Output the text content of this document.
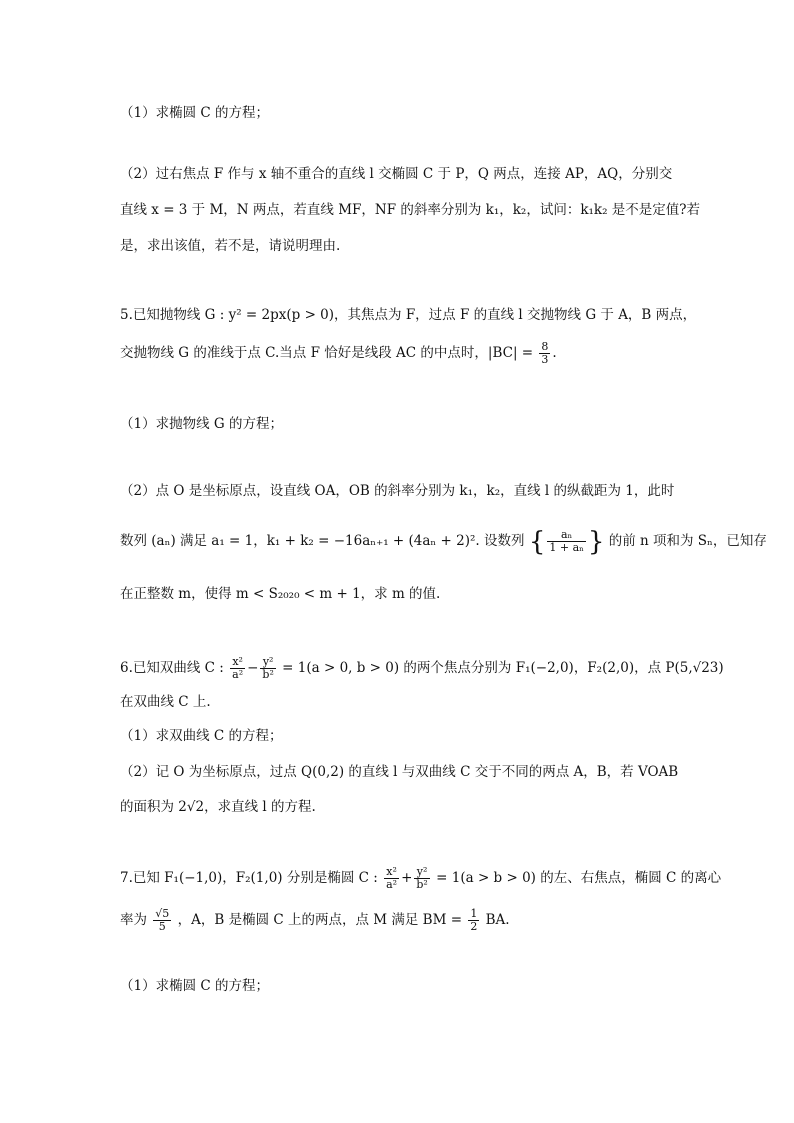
（1）求椭圆 C 的方程；
（2）过右焦点 F 作与 x 轴不重合的直线 l 交椭圆 C 于 P，Q 两点，连接 AP，AQ，分别交
直线 x = 3 于 M，N 两点，若直线 MF，NF 的斜率分别为 k₁，k₂，试问：k₁k₂ 是不是定值?若
是，求出该值，若不是，请说明理由.
5.已知抛物线 G : y² = 2px(p > 0)，其焦点为 F，过点 F 的直线 l 交抛物线 G 于 A，B 两点，
交抛物线 G 的准线于点 C.当点 F 恰好是线段 AC 的中点时，$|BC| = \frac{8}{3}$ .
（1）求抛物线 G 的方程；
（2）点 O 是坐标原点，设直线 OA，OB 的斜率分别为 k₁，k₂，直线 l 的纵截距为 1，此时
数列 (aₙ) 满足 a₁ = 1，k₁ + k₂ = −16aₙ₊₁ + (4aₙ + 2)². 设数列 { $\frac{\text{aₙ}}{\text{1 + aₙ}}$ } 的前 n 项和为 Sₙ，已知存
在正整数 m，使得 m < S₂₀₂₀ < m + 1，求 m 的值.
6.已知双曲线 C : $\frac{\text{x²}}{\text{a²}} - \frac{\text{y²}}{\text{b²}} = 1(a > 0$, b > 0) 的两个焦点分别为 F₁(−2,0)，F₂(2,0)，点 P(5,√23)
在双曲线 C 上.
（1）求双曲线 C 的方程；
（2）记 O 为坐标原点，过点 Q(0,2) 的直线 l 与双曲线 C 交于不同的两点 A，B，若 VOAB
的面积为 2√2，求直线 l 的方程.
7.已知 F₁(−1,0)，F₂(1,0) 分别是椭圆 C : $\frac{\text{x²}}{\text{a²}} + \frac{\text{y²}}{\text{b²}} = 1(a > b > 0)$ 的左、右焦点，椭圆 C 的离心
率为 $\frac{√5}{5}$ ，A，B 是椭圆 C 上的两点，点 M 满足 BM = $\frac{1}{2}$ BA.
（1）求椭圆 C 的方程；
